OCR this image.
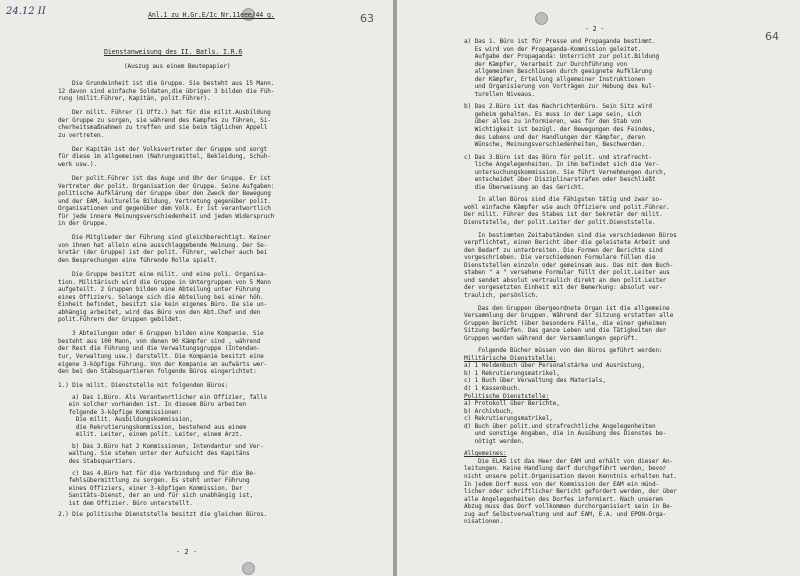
24.12 II	Anl.1 zu H.Gr.E/Ic Nr.11eee/44 g.	63
Dienstanweisung des II. Batls. I.R.6
(Auszug aus einem Beutepapier)
Die Grundeinheit ist die Gruppe. Sie besteht aus 15 Mann.
12 davon sind einfache Soldaten,die übrigen 3 bilden die Füh-
rung (milit.Führer, Kapitän, polit.Führer).
Der milit. Führer (1 Uffz.) hat für die milit.Ausbildung
der Gruppe zu sorgen, sie während des Kampfes zu führen, Si-
cherheitsmaßnahmen zu treffen und sie beim täglichen Appell
zu vertreten.
Der Kapitän ist der Volksvertreter der Gruppe und sorgt
für diese im allgemeinen (Nahrungsmittel, Bekleidung, Schuh-
werk usw.).
Der polit.Führer ist das Auge und Ohr der Gruppe. Er ist
Vertreter der polit. Organisation der Gruppe. Seine Aufgaben:
politische Aufklärung der Gruppe über den Zweck der Bewegung
und der EAM, kulturelle Bildung, Vertretung gegenüber polit.
Organisationen und gegenüber dem Volk. Er ist verantwortlich
für jede innere Meinungsverschiedenheit und jeden Widerspruch
in der Gruppe.
Die Mitglieder der Führung sind gleichberechtigt. Keiner
von ihnen hat allein eine ausschlaggebende Meinung. Der Se-
kretär (der Gruppe) ist der polit. Führer, welcher auch bei
den Besprechungen eine führende Rolle spielt.
Die Gruppe besitzt eine milit. und eine poli. Organisa-
tion. Militärisch wird die Gruppe in Untergruppen von 5 Mann
aufgeteilt. 2 Gruppen bilden eine Abteilung unter Führung
eines Offiziers. Solange sich die Abteilung bei einer höh.
Einheit befindet, besitzt sie kein eigenes Büro. Da sie un-
abhängig arbeitet, wird das Büro von den Abt.Chef und den
polit.Führern der Gruppen gebildet.
3 Abteilungen oder 6 Gruppen bilden eine Kompanie. Sie
besteht aus 100 Mann, von denen 90 Kämpfer sind , während
der Rest die Führung und die Verwaltungsgruppe (Intendan-
tur, Verwaltung usw.) darstellt. Die Kompanie besitzt eine
eigene 3-köpfige Führung. Von der Kompanie an aufwärts wer-
den bei den Stabsquartieren folgende Büros eingerichtet:
1.) Die milit. Dienststelle mit folgenden Büros:
a) Das 1.Büro. Als Verantwortlicher ein Offizier, falls
ein solcher vorhanden ist. In diesem Büro arbeiten
folgende 3-köpfige Kommissionen:
Die milit. Ausbildungskommission,
die Rekrutierungskommission, bestehend aus einem
milit. Leiter, einem polit. Leiter, einem Arzt.
b) Das 3.Büro hat 2 Kommissionen, Intendantur und Ver-
waltung. Sie stehen unter der Aufsicht des Kapitäns
des Stabsquartiers.
c) Das 4.Büro hat für die Verbindung und für die Be-
fehlsübermittlung zu sorgen. Es steht unter Führung
eines Offiziers, einer 3-köpfigen Kommission. Der
Sanitäts-Dienst, der an und für sich unabhängig ist,
ist dem Offizier. Büro unterstellt.
2.) Die politische Dienststelle besitzt die gleichen Büros.
- 2 -
- 2 -
64
a) Das 1. Büro ist für Presse und Propaganda bestimmt.
Es wird von der Propaganda-Kommission geleitet.
Aufgabe der Propaganda: Unterricht zur polit.Bildung
der Kämpfer, Verarbeit zur Durchführung von
allgemeinen Beschlüssen durch geeignete Aufklärung
der Kämpfer, Erteilung allgemeiner Instruktionen
und Organisierung von Vorträgen zur Hebung des kul-
turellen Niveaus.
b) Das 2.Büro ist das Nachrichtenbüro. Sein Sitz wird
geheim gehalten. Es muss in der Lage sein, sich
über alles zu informieren, was für den Stab von
Wichtigkeit ist bezügl. der Bewegungen des Feindes,
des Lebens und der Handlungen der Kämpfer, deren
Wünsche, Meinungsverschiedenheiten, Beschwerden.
c) Das 3.Büro ist das Büro für polit. und strafrecht-
liche Angelegenheiten. In ihm befindet sich die Ver-
untersuchungskommission. Sie führt Vernehmungen durch,
entscheidet über Disziplinarstrafen oder beschließt
die Überweisung an das Gericht.
In allen Büros sind die Fähigsten tätig und zwar so-
wohl einfache Kämpfer wie auch Offiziere und polit.Führer.
Der milit. Führer des Stabes ist der Sekretär der milit.
Dienststelle, der polit.Leiter der polit.Dienststelle.
In bestimmten Zeitabständen sind die verschiedenen Büros
verpflichtet, einen Bericht über die geleistete Arbeit und
den Bedarf zu unterbreiten. Die Formen der Berichte sind
vorgeschrieben. Die verschiedenen Formulare füllen die
Dienststellen einzeln oder gemeinsam aus. Das mit dem Buch-
staben " a " versehene Formular füllt der polit.Leiter aus
und sendet absolut vertraulich direkt an den polit.Leiter
der vorgesetzten Einheit mit der Bemerkung: absolut ver-
traulich, persönlich.
Das den Gruppen übergeordnete Organ ist die allgemeine
Versammlung der Gruppen. Während der Sitzung erstatten alle
Gruppen Bericht (über besondere Fälle, die einer geheimen
Sitzung bedürfen. Das ganze Leben und die Tätigkeiten der
Gruppen werden während der Versammlungen geprüft.
Folgende Bücher müssen von den Büros geführt werden:
Militärische Dienststelle:
a) 1 Heldenbuch über Personalstärke und Ausrüstung,
b) 1 Rekrutierungsmatrikel,
c) 1 Buch über Verwaltung des Materials,
d) 1 Kassenbuch.
Politische Dienststelle:
a) Protokoll über Berichte,
b) Archivbuch,
c) Rekrutierungsmatrikel,
d) Buch über polit.und strafrechtliche Angelegenheiten
und sonstige Angaben, die in Ausübung des Dienstes be-
nötigt werden.
Allgemeines:
Die ELAS ist das Heer der EAM und erhält von dieser An-
leitungen. Keine Handlung darf durchgeführt werden, bevor
nicht unsere polit.Organisation davon Kenntnis erhalten hat.
In jedem Dorf muss von der Kommission der EAM ein münd-
licher oder schriftlicher Bericht gefordert werden, der über
alle Angelegenheiten des Dorfes informiert. Nach unserem
Abzug muss das Dorf vollkommen durchorganisiert sein in Be-
zug auf Selbstverwaltung und auf EAM, E.A. und EPON-Orga-
nisationen.
